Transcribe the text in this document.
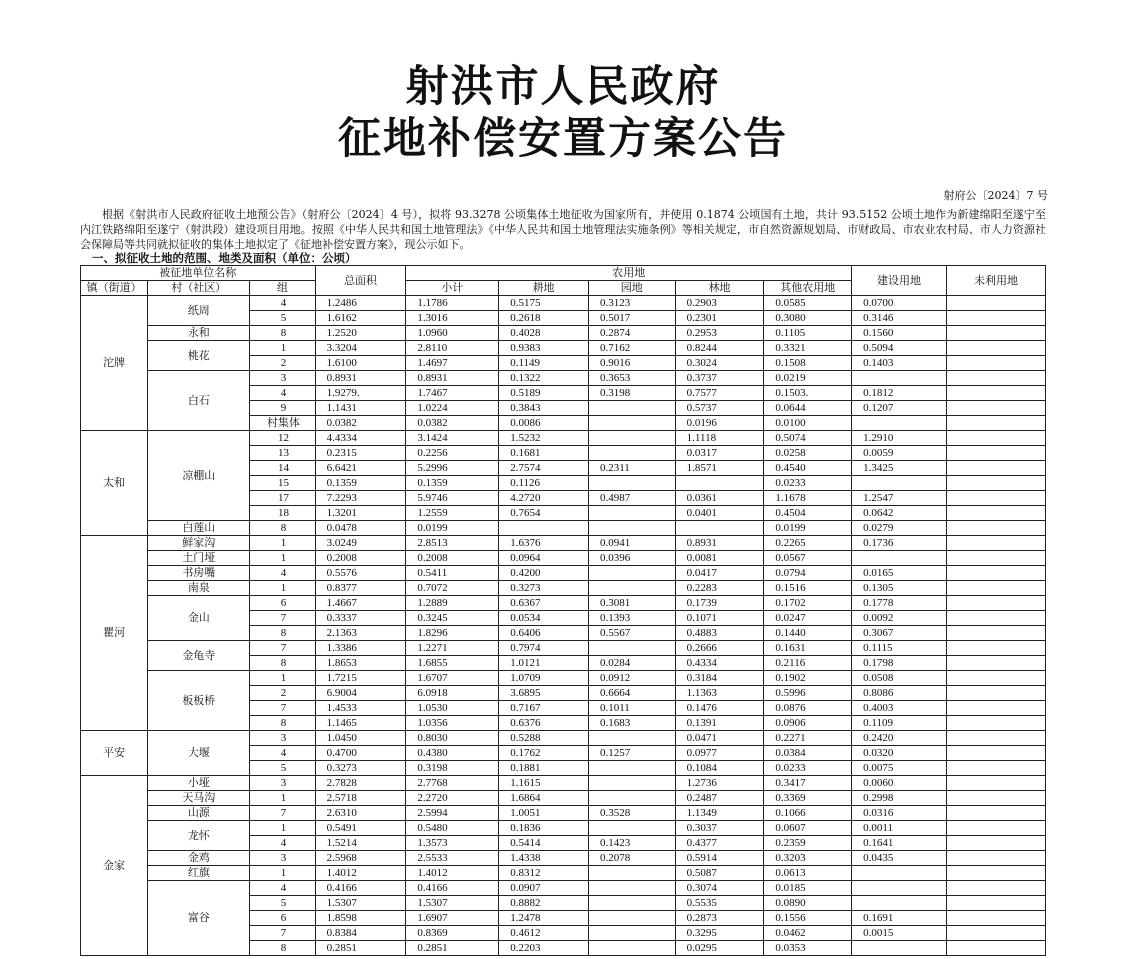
射洪市人民政府
征地补偿安置方案公告
射府公〔2024〕7 号
根据《射洪市人民政府征收土地预公告》（射府公〔2024〕4 号），拟将 93.3278 公顷集体土地征收为国家所有，并使用 0.1874 公顷国有土地，共计 93.5152 公顷土地作为新建绵阳至遂宁至内江铁路绵阳至遂宁（射洪段）建设项目用地。按照《中华人民共和国土地管理法》《中华人民共和国土地管理法实施条例》等相关规定，市自然资源规划局、市财政局、市农业农村局、市人力资源社会保障局等共同就拟征收的集体土地拟定了《征地补偿安置方案》，现公示如下。
一、拟征收土地的范围、地类及面积（单位：公顷）
被征地单位名称			总面积	农用地					建设用地	未利用地
镇（街道）	村（社区）	组		小计	耕地	园地	林地	其他农用地		
沱牌	纸周	4	1.2486	1.1786	0.5175	0.3123	0.2903	0.0585	0.0700	
		5	1.6162	1.3016	0.2618	0.5017	0.2301	0.3080	0.3146	
	永和	8	1.2520	1.0960	0.4028	0.2874	0.2953	0.1105	0.1560	
	桃花	1	3.3204	2.8110	0.9383	0.7162	0.8244	0.3321	0.5094	
		2	1.6100	1.4697	0.1149	0.9016	0.3024	0.1508	0.1403	
	白石	3	0.8931	0.8931	0.1322	0.3653	0.3737	0.0219		
		4	1.9279.	1.7467	0.5189	0.3198	0.7577	0.1503.	0.1812	
		9	1.1431	1.0224	0.3843		0.5737	0.0644	0.1207	
		村集体	0.0382	0.0382	0.0086		0.0196	0.0100		
太和	凉棚山	12	4.4334	3.1424	1.5232		1.1118	0.5074	1.2910	
		13	0.2315	0.2256	0.1681		0.0317	0.0258	0.0059	
		14	6.6421	5.2996	2.7574	0.2311	1.8571	0.4540	1.3425	
		15	0.1359	0.1359	0.1126			0.0233		
		17	7.2293	5.9746	4.2720	0.4987	0.0361	1.1678	1.2547	
		18	1.3201	1.2559	0.7654		0.0401	0.4504	0.0642	
	白莲山	8	0.0478	0.0199				0.0199	0.0279	
瞿河	鲜家沟	1	3.0249	2.8513	1.6376	0.0941	0.8931	0.2265	0.1736	
	土门垭	1	0.2008	0.2008	0.0964	0.0396	0.0081	0.0567		
	书房嘴	4	0.5576	0.5411	0.4200		0.0417	0.0794	0.0165	
	南泉	1	0.8377	0.7072	0.3273		0.2283	0.1516	0.1305	
	金山	6	1.4667	1.2889	0.6367	0.3081	0.1739	0.1702	0.1778	
		7	0.3337	0.3245	0.0534	0.1393	0.1071	0.0247	0.0092	
		8	2.1363	1.8296	0.6406	0.5567	0.4883	0.1440	0.3067	
	金龟寺	7	1.3386	1.2271	0.7974		0.2666	0.1631	0.1115	
		8	1.8653	1.6855	1.0121	0.0284	0.4334	0.2116	0.1798	
	板板桥	1	1.7215	1.6707	1.0709	0.0912	0.3184	0.1902	0.0508	
		2	6.9004	6.0918	3.6895	0.6664	1.1363	0.5996	0.8086	
		7	1.4533	1.0530	0.7167	0.1011	0.1476	0.0876	0.4003	
		8	1.1465	1.0356	0.6376	0.1683	0.1391	0.0906	0.1109	
平安	大堰	3	1.0450	0.8030	0.5288		0.0471	0.2271	0.2420	
		4	0.4700	0.4380	0.1762	0.1257	0.0977	0.0384	0.0320	
		5	0.3273	0.3198	0.1881		0.1084	0.0233	0.0075	
金家	小垭	3	2.7828	2.7768	1.1615		1.2736	0.3417	0.0060	
	天马沟	1	2.5718	2.2720	1.6864		0.2487	0.3369	0.2998	
	山源	7	2.6310	2.5994	1.0051	0.3528	1.1349	0.1066	0.0316	
	龙怀	1	0.5491	0.5480	0.1836		0.3037	0.0607	0.0011	
		4	1.5214	1.3573	0.5414	0.1423	0.4377	0.2359	0.1641	
	金鸡	3	2.5968	2.5533	1.4338	0.2078	0.5914	0.3203	0.0435	
	红旗	1	1.4012	1.4012	0.8312		0.5087	0.0613		
	富谷	4	0.4166	0.4166	0.0907		0.3074	0.0185		
		5	1.5307	1.5307	0.8882		0.5535	0.0890		
		6	1.8598	1.6907	1.2478		0.2873	0.1556	0.1691	
		7	0.8384	0.8369	0.4612		0.3295	0.0462	0.0015	
		8	0.2851	0.2851	0.2203		0.0295	0.0353		
